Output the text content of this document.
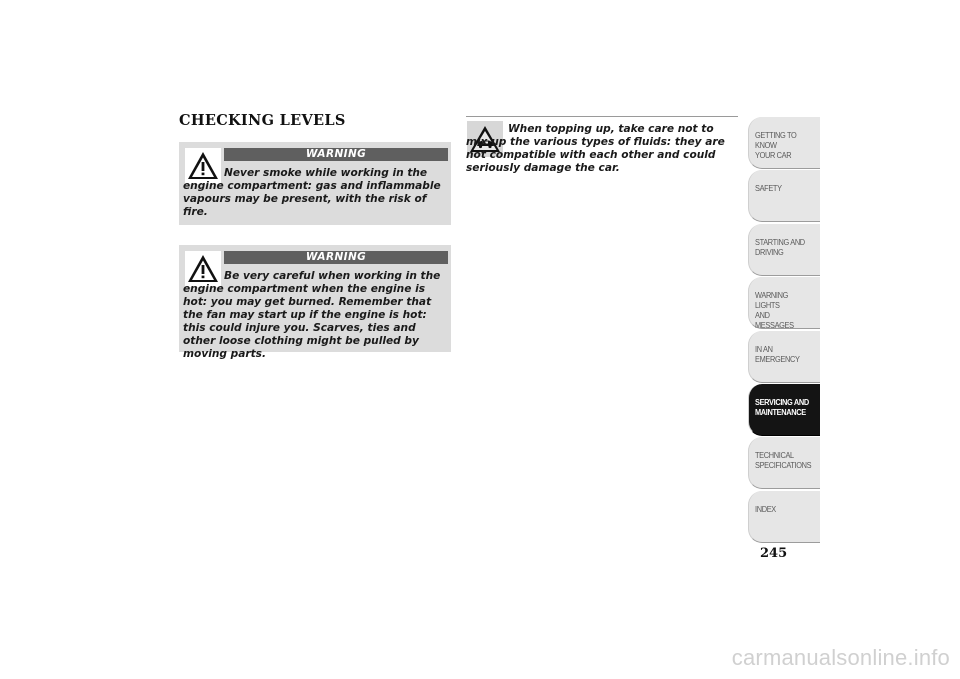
CHECKING LEVELS
WARNING

Never smoke while working in the engine compartment: gas and inflammable vapours may be present, with the risk of fire.

WARNING

Be very careful when working in the engine compartment when the engine is hot: you may get burned. Remember that the fan may start up if the engine is hot: this could injure you. Scarves, ties and other loose clothing might be pulled by moving parts.

When topping up, take care not to mix up the various types of fluids: they are not compatible with each other and could seriously damage the car.

GETTING TO KNOW
YOUR CAR
SAFETY
STARTING AND
DRIVING
WARNING LIGHTS
AND MESSAGES
IN AN EMERGENCY
SERVICING AND
MAINTENANCE
TECHNICAL
SPECIFICATIONS
INDEX
245
carmanualsonline.info
